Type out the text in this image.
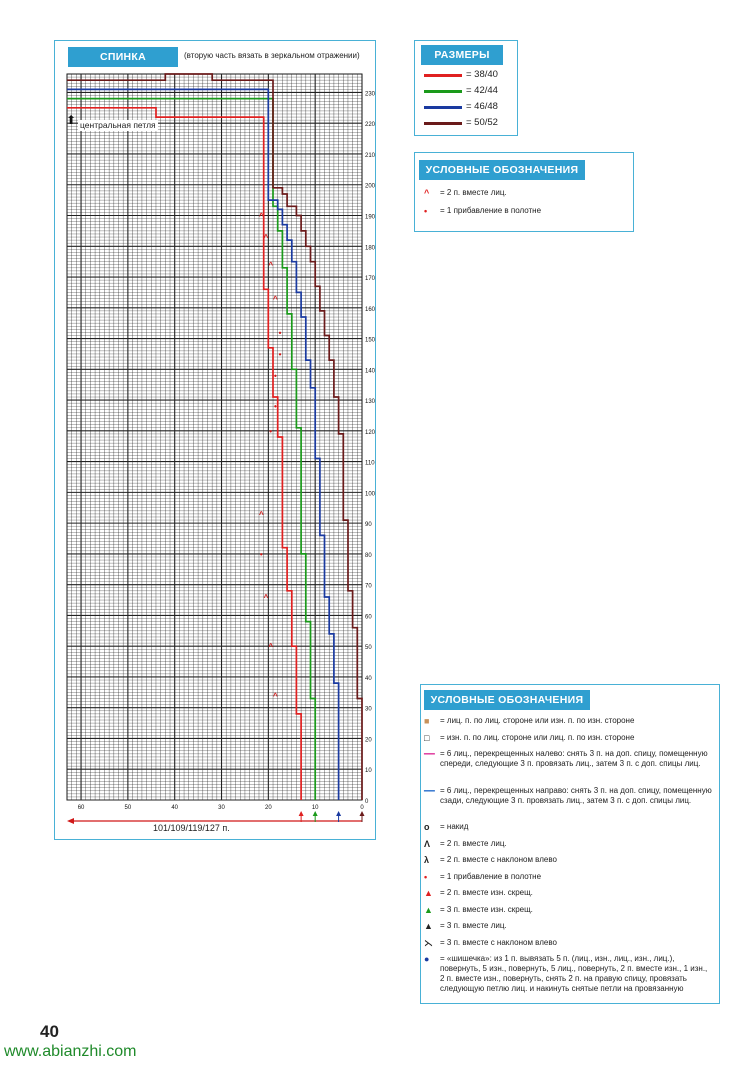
СПИНКА	(вторую часть вязать в зеркальном отражении)
^
^
^
^
•
•
•
•
•
^
•
^
^
^
0
10
20
30
40
50
60
70
80
90
100
110
120
130
140
150
160
170
180
190
200
210
220
230
60	50	40	30	20	10	0
⬆ центральная петля
101/109/119/127 п.
РАЗМЕРЫ
= 38/40
= 42/44
= 46/48
= 50/52
УСЛОВНЫЕ ОБОЗНАЧЕНИЯ
^	= 2 п. вместе лиц.
•	= 1 прибавление в полотне
УСЛОВНЫЕ ОБОЗНАЧЕНИЯ
■	= лиц. п. по лиц. стороне или изн. п. по изн. стороне
□	= изн. п. по лиц. стороне или лиц. п. по изн. стороне
━━ = 6 лиц., перекрещенных налево: снять 3 п. на доп. спицу, помещенную спереди, следующие 3 п. провязать лиц., затем 3 п. с доп. спицы лиц.
━━ = 6 лиц., перекрещенных направо: снять 3 п. на доп. спицу, помещенную сзади, следующие 3 п. провязать лиц., затем 3 п. с доп. спицы лиц.
o	= накид
Λ	= 2 п. вместе лиц.
λ	= 2 п. вместе с наклоном влево
•	= 1 прибавление в полотне
▲ = 2 п. вместе изн. скрещ.
▲ = 3 п. вместе изн. скрещ.
▲ = 3 п. вместе лиц.
⋋ = 3 п. вместе с наклоном влево
●	= «шишечка»: из 1 п. вывязать 5 п. (лиц., изн., лиц., изн., лиц.), повернуть, 5 изн., повернуть, 5 лиц., повернуть, 2 п. вместе изн., 1 изн., 2 п. вместе изн., повернуть, снять 2 п. на правую спицу, провязать следующую петлю лиц. и накинуть снятые петли на провязанную
40
www.abianzhi.com
